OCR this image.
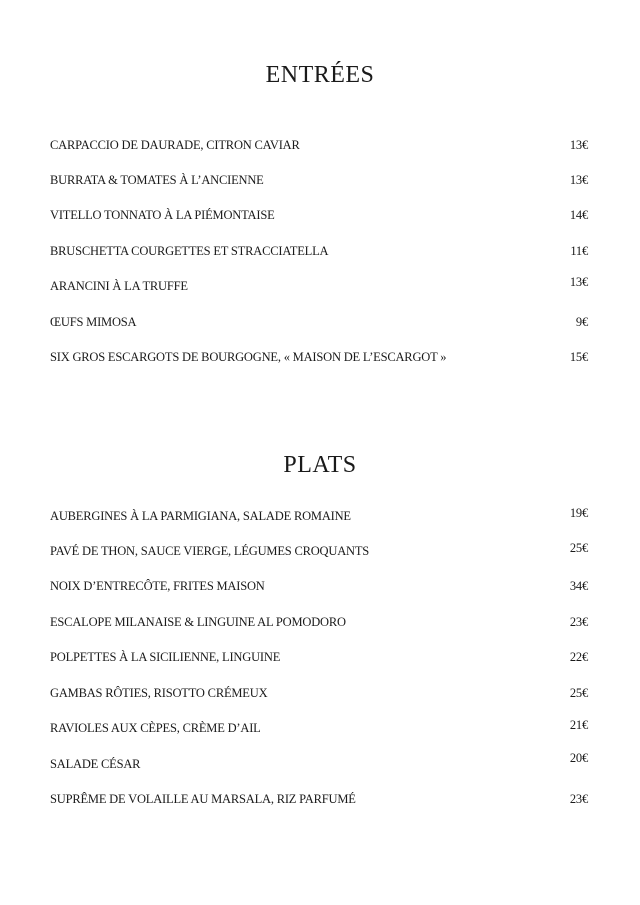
ENTRÉES
CARPACCIO DE DAURADE, CITRON CAVIAR	13€
BURRATA & TOMATES À L’ANCIENNE	13€
VITELLO TONNATO À LA PIÉMONTAISE	14€
BRUSCHETTA COURGETTES ET STRACCIATELLA	11€
ARANCINI À LA TRUFFE	13€
ŒUFS MIMOSA	9€
SIX GROS ESCARGOTS DE BOURGOGNE, « MAISON DE L’ESCARGOT »	15€
PLATS
AUBERGINES À LA PARMIGIANA, SALADE ROMAINE	19€
PAVÉ DE THON, SAUCE VIERGE, LÉGUMES CROQUANTS	25€
NOIX D’ENTRECÔTE, FRITES MAISON	34€
ESCALOPE MILANAISE & LINGUINE AL POMODORO	23€
POLPETTES À LA SICILIENNE, LINGUINE	22€
GAMBAS RÔTIES, RISOTTO CRÉMEUX	25€
RAVIOLES AUX CÈPES, CRÈME D’AIL	21€
SALADE CÉSAR	20€
SUPRÊME DE VOLAILLE AU MARSALA, RIZ PARFUMÉ	23€
